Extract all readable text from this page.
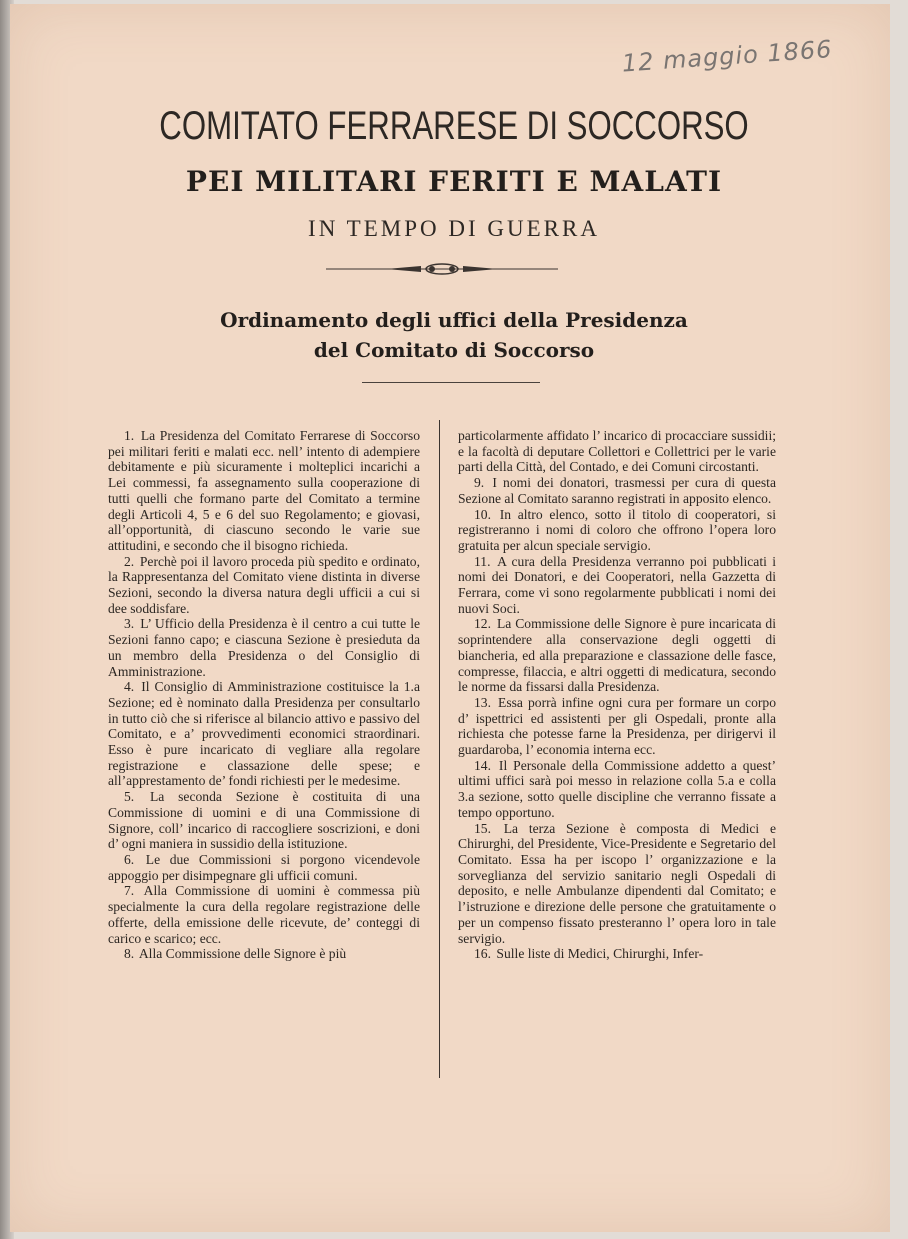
12 maggio 1866
COMITATO FERRARESE DI SOCCORSO
PEI MILITARI FERITI E MALATI
IN TEMPO DI GUERRA
Ordinamento degli uffici della Presidenza
del Comitato di Soccorso

1. La Presidenza del Comitato Ferrarese di Soccorso pei militari feriti e malati ecc. nell’ intento di adempiere debitamente e più sicuramente i molteplici incarichi a Lei commessi, fa assegnamento sulla cooperazione di tutti quelli che formano parte del Comitato a termine degli Articoli 4, 5 e 6 del suo Regolamento; e giovasi, all’opportunità, di ciascuno secondo le varie sue attitudini, e secondo che il bisogno richieda.

2. Perchè poi il lavoro proceda più spedito e ordinato, la Rappresentanza del Comitato viene distinta in diverse Sezioni, secondo la diversa natura degli ufficii a cui si dee soddisfare.

3. L’ Ufficio della Presidenza è il centro a cui tutte le Sezioni fanno capo; e ciascuna Sezione è presieduta da un membro della Presidenza o del Consiglio di Amministrazione.

4. Il Consiglio di Amministrazione costituisce la 1.a Sezione; ed è nominato dalla Presidenza per consultarlo in tutto ciò che si riferisce al bilancio attivo e passivo del Comitato, e a’ provvedimenti economici straordinari. Esso è pure incaricato di vegliare alla regolare registrazione e classazione delle spese; e all’apprestamento de’ fondi richiesti per le medesime.

5. La seconda Sezione è costituita di una Commissione di uomini e di una Commissione di Signore, coll’ incarico di raccogliere soscrizioni, e doni d’ ogni maniera in sussidio della istituzione.

6. Le due Commissioni si porgono vicendevole appoggio per disimpegnare gli ufficii comuni.

7. Alla Commissione di uomini è commessa più specialmente la cura della regolare registrazione delle offerte, della emissione delle ricevute, de’ conteggi di carico e scarico; ecc.

8. Alla Commissione delle Signore è più

particolarmente affidato l’ incarico di procacciare sussidii; e la facoltà di deputare Collettori e Collettrici per le varie parti della Città, del Contado, e dei Comuni circostanti.

9. I nomi dei donatori, trasmessi per cura di questa Sezione al Comitato saranno registrati in apposito elenco.

10. In altro elenco, sotto il titolo di cooperatori, si registreranno i nomi di coloro che offrono l’opera loro gratuita per alcun speciale servigio.

11. A cura della Presidenza verranno poi pubblicati i nomi dei Donatori, e dei Cooperatori, nella Gazzetta di Ferrara, come vi sono regolarmente pubblicati i nomi dei nuovi Soci.

12. La Commissione delle Signore è pure incaricata di soprintendere alla conservazione degli oggetti di biancheria, ed alla preparazione e classazione delle fasce, compresse, filaccia, e altri oggetti di medicatura, secondo le norme da fissarsi dalla Presidenza.

13. Essa porrà infine ogni cura per formare un corpo d’ ispettrici ed assistenti per gli Ospedali, pronte alla richiesta che potesse farne la Presidenza, per dirigervi il guardaroba, l’ economia interna ecc.

14. Il Personale della Commissione addetto a quest’ ultimi uffici sarà poi messo in relazione colla 5.a e colla 3.a sezione, sotto quelle discipline che verranno fissate a tempo opportuno.

15. La terza Sezione è composta di Medici e Chirurghi, del Presidente, Vice-Presidente e Segretario del Comitato. Essa ha per iscopo l’ organizzazione e la sorveglianza del servizio sanitario negli Ospedali di deposito, e nelle Ambulanze dipendenti dal Comitato; e l’istruzione e direzione delle persone che gratuitamente o per un compenso fissato presteranno l’ opera loro in tale servigio.

16. Sulle liste di Medici, Chirurghi, Infer-
